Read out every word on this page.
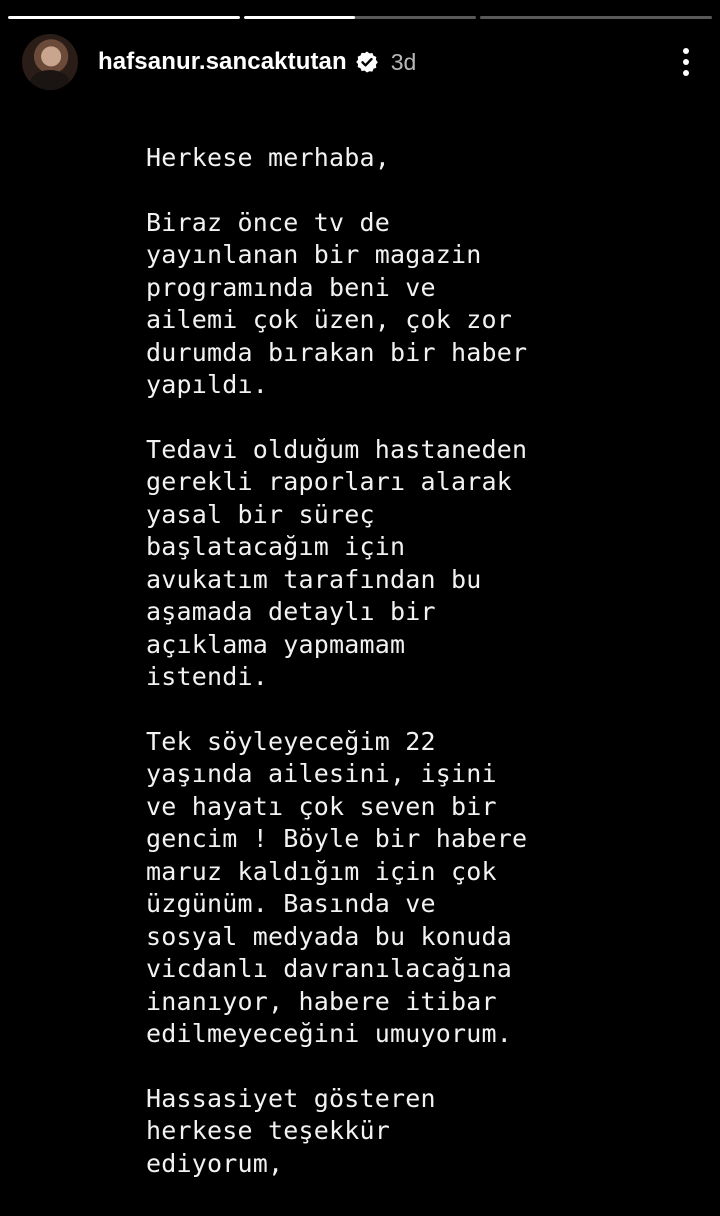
hafsanur.sancaktutan 3d
Herkese merhaba,
Biraz önce tv de
yayınlanan bir magazin
programında beni ve
ailemi çok üzen, çok zor
durumda bırakan bir haber
yapıldı.
Tedavi olduğum hastaneden
gerekli raporları alarak
yasal bir süreç
başlatacağım için
avukatım tarafından bu
aşamada detaylı bir
açıklama yapmamam
istendi.
Tek söyleyeceğim 22
yaşında ailesini, işini
ve hayatı çok seven bir
gencim ! Böyle bir habere
maruz kaldığım için çok
üzgünüm. Basında ve
sosyal medyada bu konuda
vicdanlı davranılacağına
inanıyor, habere itibar
edilmeyeceğini umuyorum.
Hassasiyet gösteren
herkese teşekkür
ediyorum,
